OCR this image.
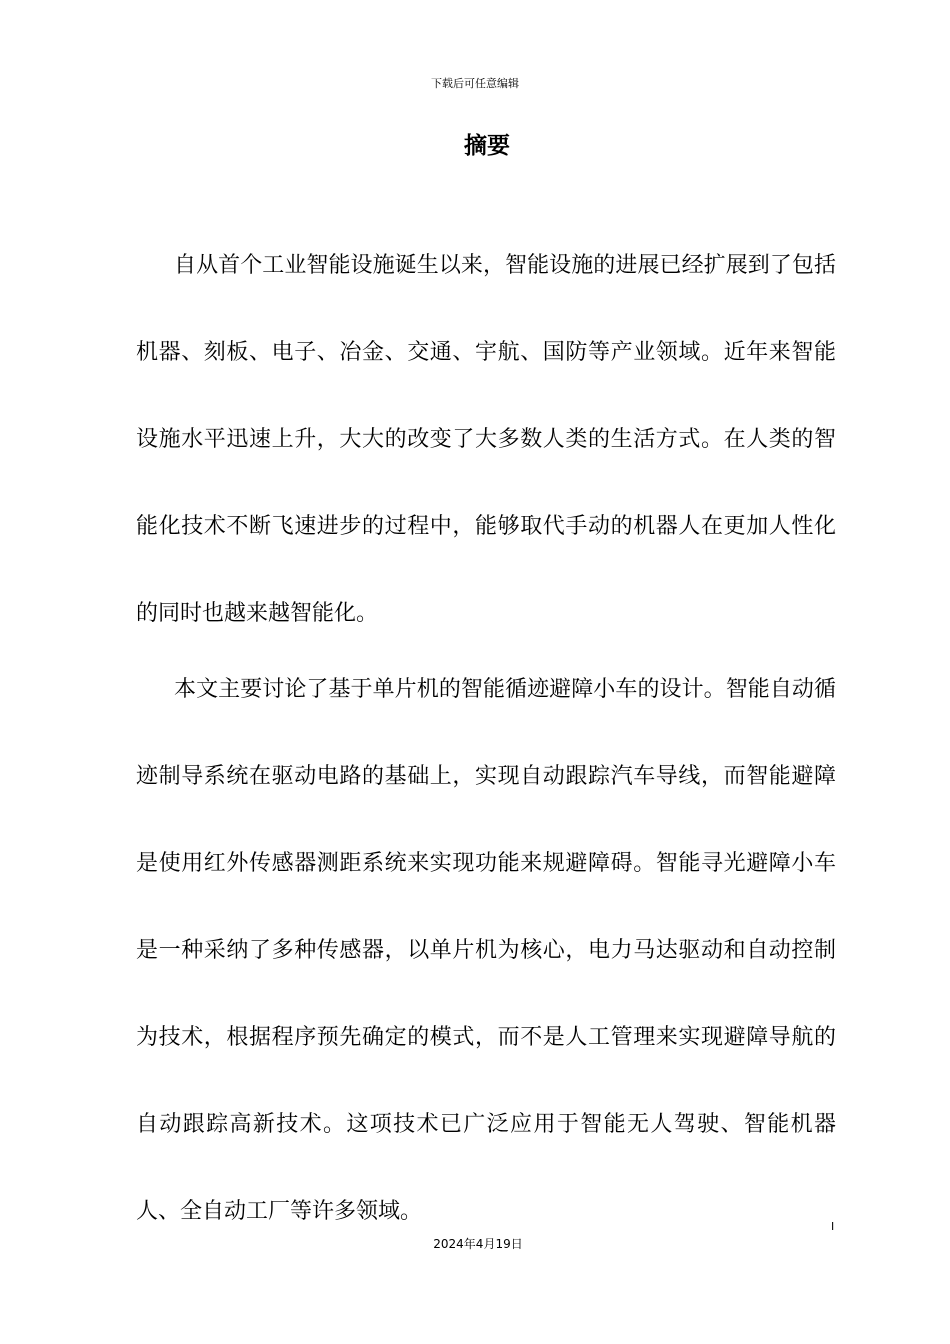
下载后可任意编辑
摘要

自从首个工业智能设施诞生以来，智能设施的进展已经扩展到了包括机器、刻板、电子、冶金、交通、宇航、国防等产业领域。近年来智能设施水平迅速上升，大大的改变了大多数人类的生活方式。在人类的智能化技术不断飞速进步的过程中，能够取代手动的机器人在更加人性化的同时也越来越智能化。

本文主要讨论了基于单片机的智能循迹避障小车的设计。智能自动循迹制导系统在驱动电路的基础上，实现自动跟踪汽车导线，而智能避障是使用红外传感器测距系统来实现功能来规避障碍。智能寻光避障小车是一种采纳了多种传感器，以单片机为核心，电力马达驱动和自动控制为技术，根据程序预先确定的模式，而不是人工管理来实现避障导航的自动跟踪高新技术。这项技术已广泛应用于智能无人驾驶、智能机器人、全自动工厂等许多领域。

I
2024年4月19日
